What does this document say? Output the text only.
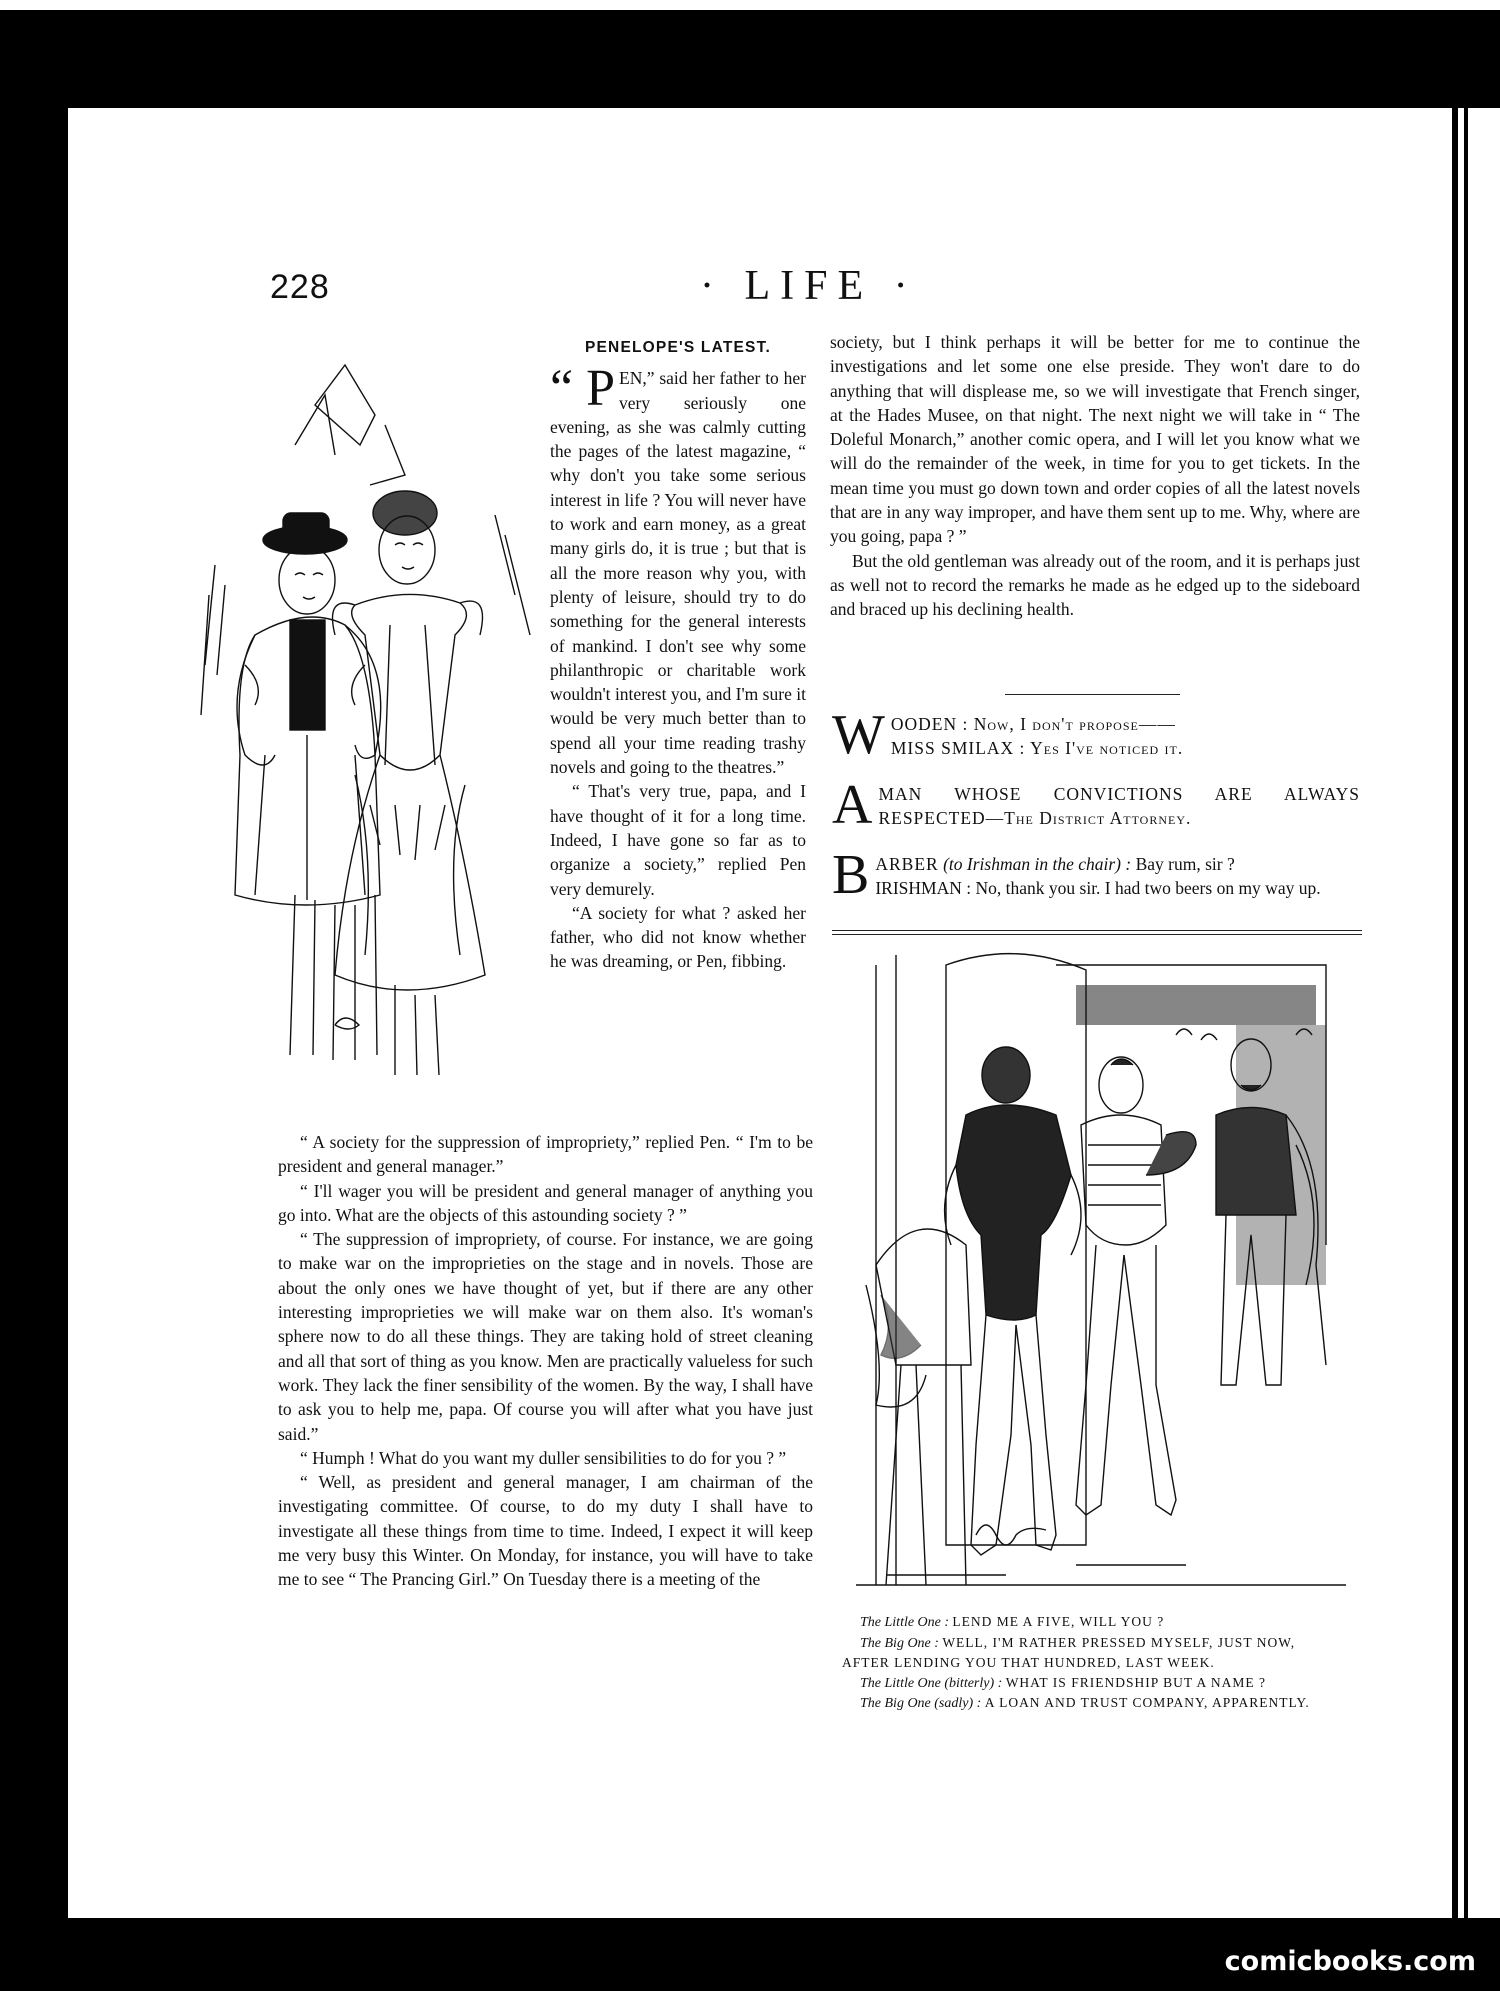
228	· LIFE ·
PENELOPE'S LATEST.

“ P EN,” said her father to her very seriously one evening, as she was calmly cutting the pages of the latest magazine, “ why don't you take some serious interest in life ? You will never have to work and earn money, as a great many girls do, it is true ; but that is all the more reason why you, with plenty of leisure, should try to do something for the general interests of mankind. I don't see why some philanthropic or charitable work wouldn't interest you, and I'm sure it would be very much better than to spend all your time reading trashy novels and going to the theatres.”

“ That's very true, papa, and I have thought of it for a long time. Indeed, I have gone so far as to organize a society,” replied Pen very demurely.

“A society for what ? asked her father, who did not know whether he was dreaming, or Pen, fibbing.

“ A society for the suppression of impropriety,” replied Pen. “ I'm to be president and general manager.”

“ I'll wager you will be president and general manager of anything you go into. What are the objects of this astounding society ? ”

“ The suppression of impropriety, of course. For instance, we are going to make war on the improprieties on the stage and in novels. Those are about the only ones we have thought of yet, but if there are any other interesting improprieties we will make war on them also. It's woman's sphere now to do all these things. They are taking hold of street cleaning and all that sort of thing as you know. Men are practically valueless for such work. They lack the finer sensibility of the women. By the way, I shall have to ask you to help me, papa. Of course you will after what you have just said.”

“ Humph ! What do you want my duller sensibilities to do for you ? ”

“ Well, as president and general manager, I am chairman of the investigating committee. Of course, to do my duty I shall have to investigate all these things from time to time. Indeed, I expect it will keep me very busy this Winter. On Monday, for instance, you will have to take me to see “ The Prancing Girl.” On Tuesday there is a meeting of the

society, but I think perhaps it will be better for me to continue the investigations and let some one else preside. They won't dare to do anything that will displease me, so we will investigate that French singer, at the Hades Musee, on that night. The next night we will take in “ The Doleful Monarch,” another comic opera, and I will let you know what we will do the remainder of the week, in time for you to get tickets. In the mean time you must go down town and order copies of all the latest novels that are in any way improper, and have them sent up to me. Why, where are you going, papa ? ”

But the old gentleman was already out of the room, and it is perhaps just as well not to record the remarks he made as he edged up to the sideboard and braced up his declining health.

W OODEN : Now, I don't propose——
MISS SMILAX : Yes I've noticed it.
A MAN WHOSE CONVICTIONS ARE ALWAYS RESPECTED—The District Attorney.
B ARBER (to Irishman in the chair) : Bay rum, sir ?
IRISHMAN : No, thank you sir. I had two beers on my way up.
The Little One : LEND ME A FIVE, WILL YOU ?
The Big One : WELL, I'M RATHER PRESSED MYSELF, JUST NOW,
AFTER LENDING YOU THAT HUNDRED, LAST WEEK.
The Little One (bitterly) : WHAT IS FRIENDSHIP BUT A NAME ?
The Big One (sadly) : A LOAN AND TRUST COMPANY, APPARENTLY.
comicbooks.com
